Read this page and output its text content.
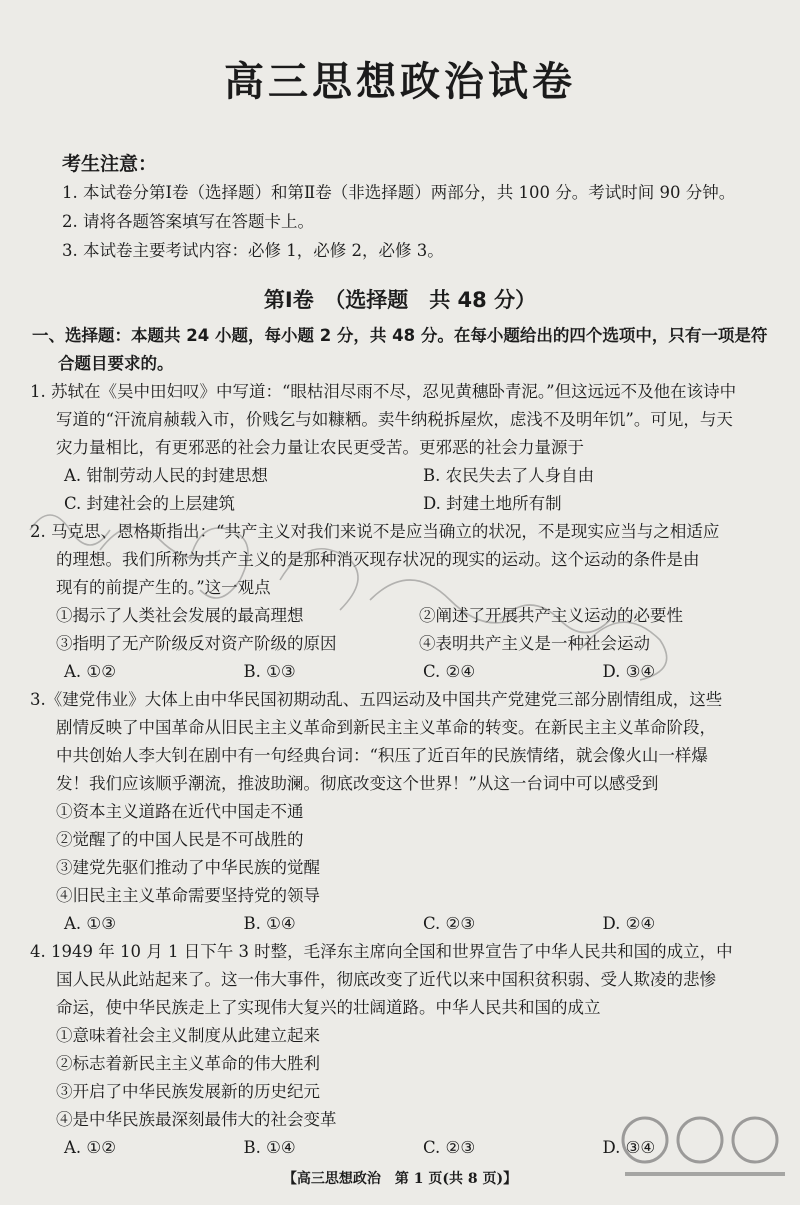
高三思想政治试卷
考生注意：
1. 本试卷分第Ⅰ卷（选择题）和第Ⅱ卷（非选择题）两部分，共 100 分。考试时间 90 分钟。
2. 请将各题答案填写在答题卡上。
3. 本试卷主要考试内容：必修 1，必修 2，必修 3。
第Ⅰ卷　（选择题　共 48 分）
一、选择题：本题共 24 小题，每小题 2 分，共 48 分。在每小题给出的四个选项中，只有一项是符
合题目要求的。
1. 苏轼在《吴中田妇叹》中写道：“眼枯泪尽雨不尽，忍见黄穗卧青泥。”但这远远不及他在该诗中
写道的“汗流肩赪载入市，价贱乞与如糠粞。卖牛纳税拆屋炊，虑浅不及明年饥”。可见，与天
灾力量相比，有更邪恶的社会力量让农民更受苦。更邪恶的社会力量源于
A. 钳制劳动人民的封建思想	B. 农民失去了人身自由
C. 封建社会的上层建筑	D. 封建土地所有制
2. 马克思、恩格斯指出：“共产主义对我们来说不是应当确立的状况，不是现实应当与之相适应
的理想。我们所称为共产主义的是那种消灭现存状况的现实的运动。这个运动的条件是由
现有的前提产生的。”这一观点
①揭示了人类社会发展的最高理想	②阐述了开展共产主义运动的必要性
③指明了无产阶级反对资产阶级的原因	④表明共产主义是一种社会运动
A. ①②	B. ①③	C. ②④	D. ③④
3.《建党伟业》大体上由中华民国初期动乱、五四运动及中国共产党建党三部分剧情组成，这些
剧情反映了中国革命从旧民主主义革命到新民主主义革命的转变。在新民主主义革命阶段，
中共创始人李大钊在剧中有一句经典台词：“积压了近百年的民族情绪，就会像火山一样爆
发！我们应该顺乎潮流，推波助澜。彻底改变这个世界！”从这一台词中可以感受到
①资本主义道路在近代中国走不通
②觉醒了的中国人民是不可战胜的
③建党先驱们推动了中华民族的觉醒
④旧民主主义革命需要坚持党的领导
A. ①③	B. ①④	C. ②③	D. ②④
4. 1949 年 10 月 1 日下午 3 时整，毛泽东主席向全国和世界宣告了中华人民共和国的成立，中
国人民从此站起来了。这一伟大事件，彻底改变了近代以来中国积贫积弱、受人欺凌的悲惨
命运，使中华民族走上了实现伟大复兴的壮阔道路。中华人民共和国的成立
①意味着社会主义制度从此建立起来
②标志着新民主主义革命的伟大胜利
③开启了中华民族发展新的历史纪元
④是中华民族最深刻最伟大的社会变革
A. ①②	B. ①④	C. ②③	D. ③④
【高三思想政治　第 1 页(共 8 页)】
